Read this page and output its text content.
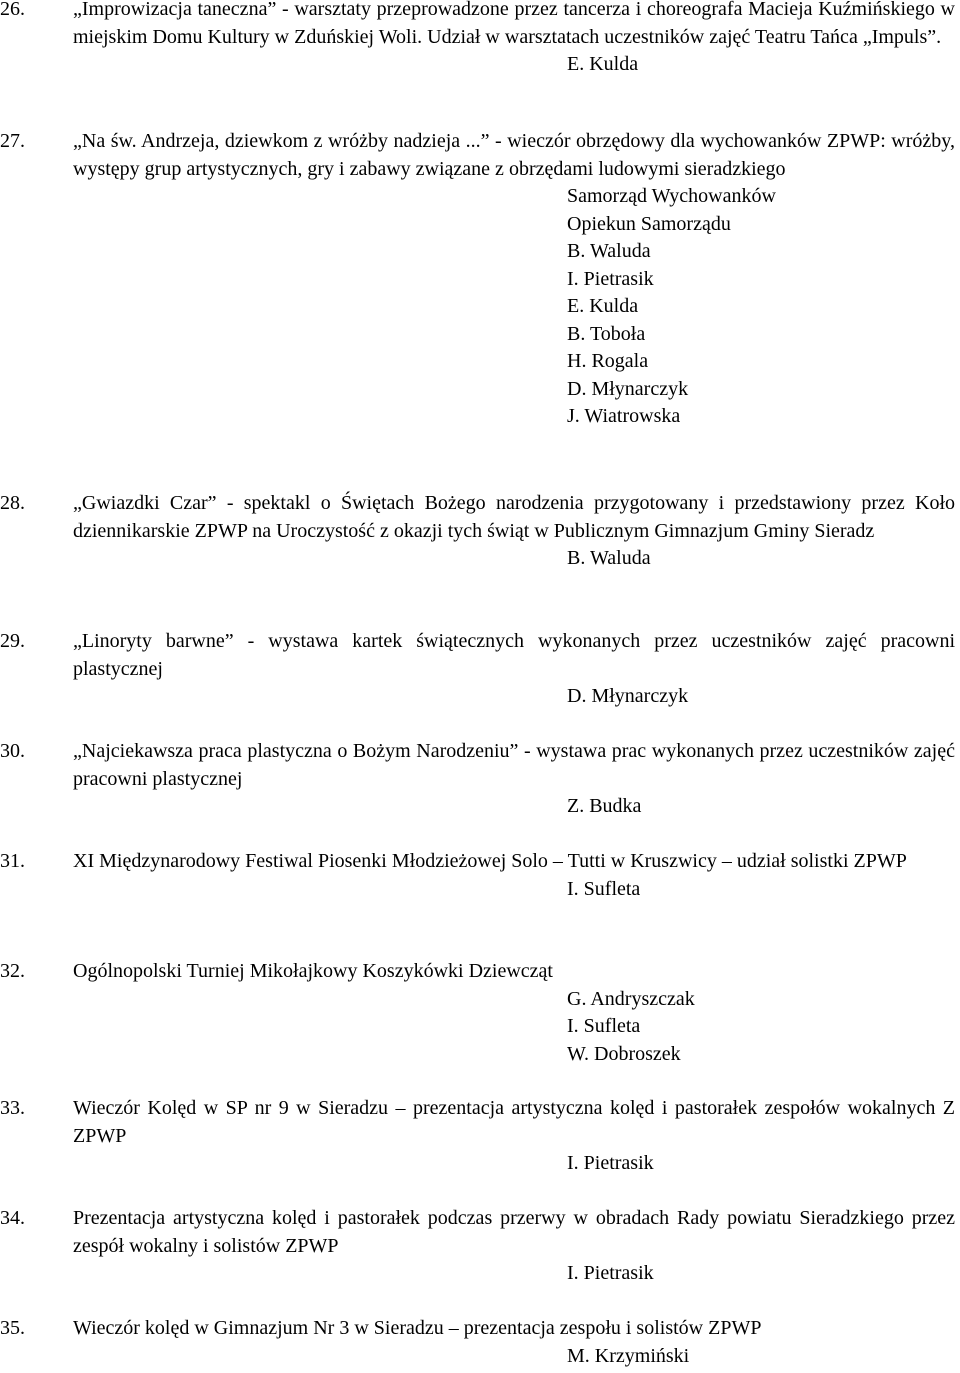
26. „Improwizacja taneczna” - warsztaty przeprowadzone przez tancerza i choreografa Macieja Kuźmińskiego w miejskim Domu Kultury w Zduńskiej Woli. Udział w warsztatach uczestników zajęć Teatru Tańca „Impuls”.
E. Kulda
27. „Na św. Andrzeja, dziewkom z wróżby nadzieja ...” - wieczór obrzędowy dla wychowanków ZPWP: wróżby, występy grup artystycznych, gry i zabawy związane z obrzędami ludowymi sieradzkiego
Samorząd Wychowanków
Opiekun Samorządu
B. Waluda
I. Pietrasik
E. Kulda
B. Toboła
H. Rogala
D. Młynarczyk
J. Wiatrowska
28. „Gwiazdki Czar” - spektakl o Świętach Bożego narodzenia przygotowany i przedstawiony przez Koło dziennikarskie ZPWP na Uroczystość z okazji tych świąt w Publicznym Gimnazjum Gminy Sieradz
B. Waluda
29. „Linoryty barwne” - wystawa kartek świątecznych wykonanych przez uczestników zajęć pracowni plastycznej
D. Młynarczyk
30. „Najciekawsza praca plastyczna o Bożym Narodzeniu” - wystawa prac wykonanych przez uczestników zajęć pracowni plastycznej
Z. Budka
31. XI Międzynarodowy Festiwal Piosenki Młodzieżowej Solo – Tutti w Kruszwicy – udział solistki ZPWP
I. Sufleta
32. Ogólnopolski Turniej Mikołajkowy Koszykówki Dziewcząt
G. Andryszczak
I. Sufleta
W. Dobroszek
33. Wieczór Kolęd w SP nr 9 w Sieradzu – prezentacja artystyczna kolęd i pastorałek zespołów wokalnych Z ZPWP
I. Pietrasik
34. Prezentacja artystyczna kolęd i pastorałek podczas przerwy w obradach Rady powiatu Sieradzkiego przez zespół wokalny i solistów ZPWP
I. Pietrasik
35. Wieczór kolęd w Gimnazjum Nr 3 w Sieradzu – prezentacja zespołu i solistów ZPWP
M. Krzymiński
